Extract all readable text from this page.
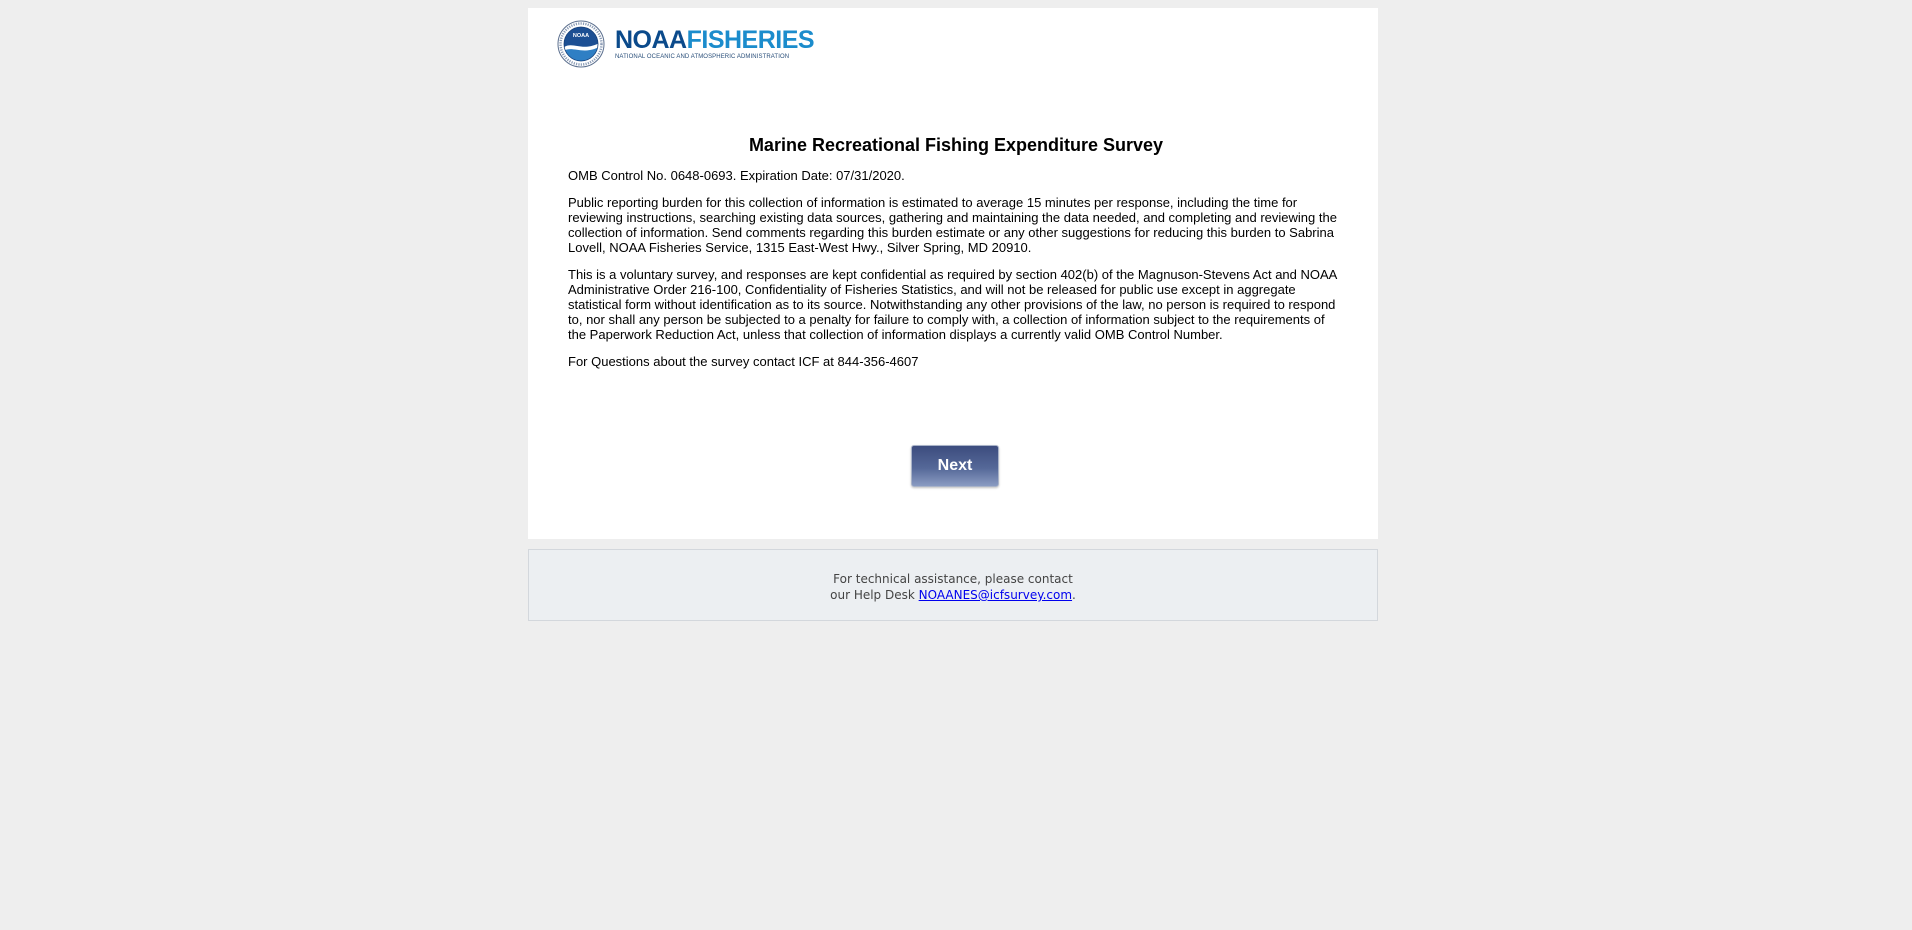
NOAA NOAAFISHERIES
NATIONAL OCEANIC AND ATMOSPHERIC ADMINISTRATION
Marine Recreational Fishing Expenditure Survey

OMB Control No. 0648-0693. Expiration Date: 07/31/2020.

Public reporting burden for this collection of information is estimated to average 15 minutes per response, including the time for reviewing instructions, searching existing data sources, gathering and maintaining the data needed, and completing and reviewing the collection of information. Send comments regarding this burden estimate or any other suggestions for reducing this burden to Sabrina Lovell, NOAA Fisheries Service, 1315 East-West Hwy., Silver Spring, MD 20910.

This is a voluntary survey, and responses are kept confidential as required by section 402(b) of the Magnuson-Stevens Act and NOAA Administrative Order 216-100, Confidentiality of Fisheries Statistics, and will not be released for public use except in aggregate statistical form without identification as to its source. Notwithstanding any other provisions of the law, no person is required to respond to, nor shall any person be subjected to a penalty for failure to comply with, a collection of information subject to the requirements of the Paperwork Reduction Act, unless that collection of information displays a currently valid OMB Control Number.

For Questions about the survey contact ICF at 844-356-4607

Next
For technical assistance, please contact
our Help Desk NOAANES@icfsurvey.com.
